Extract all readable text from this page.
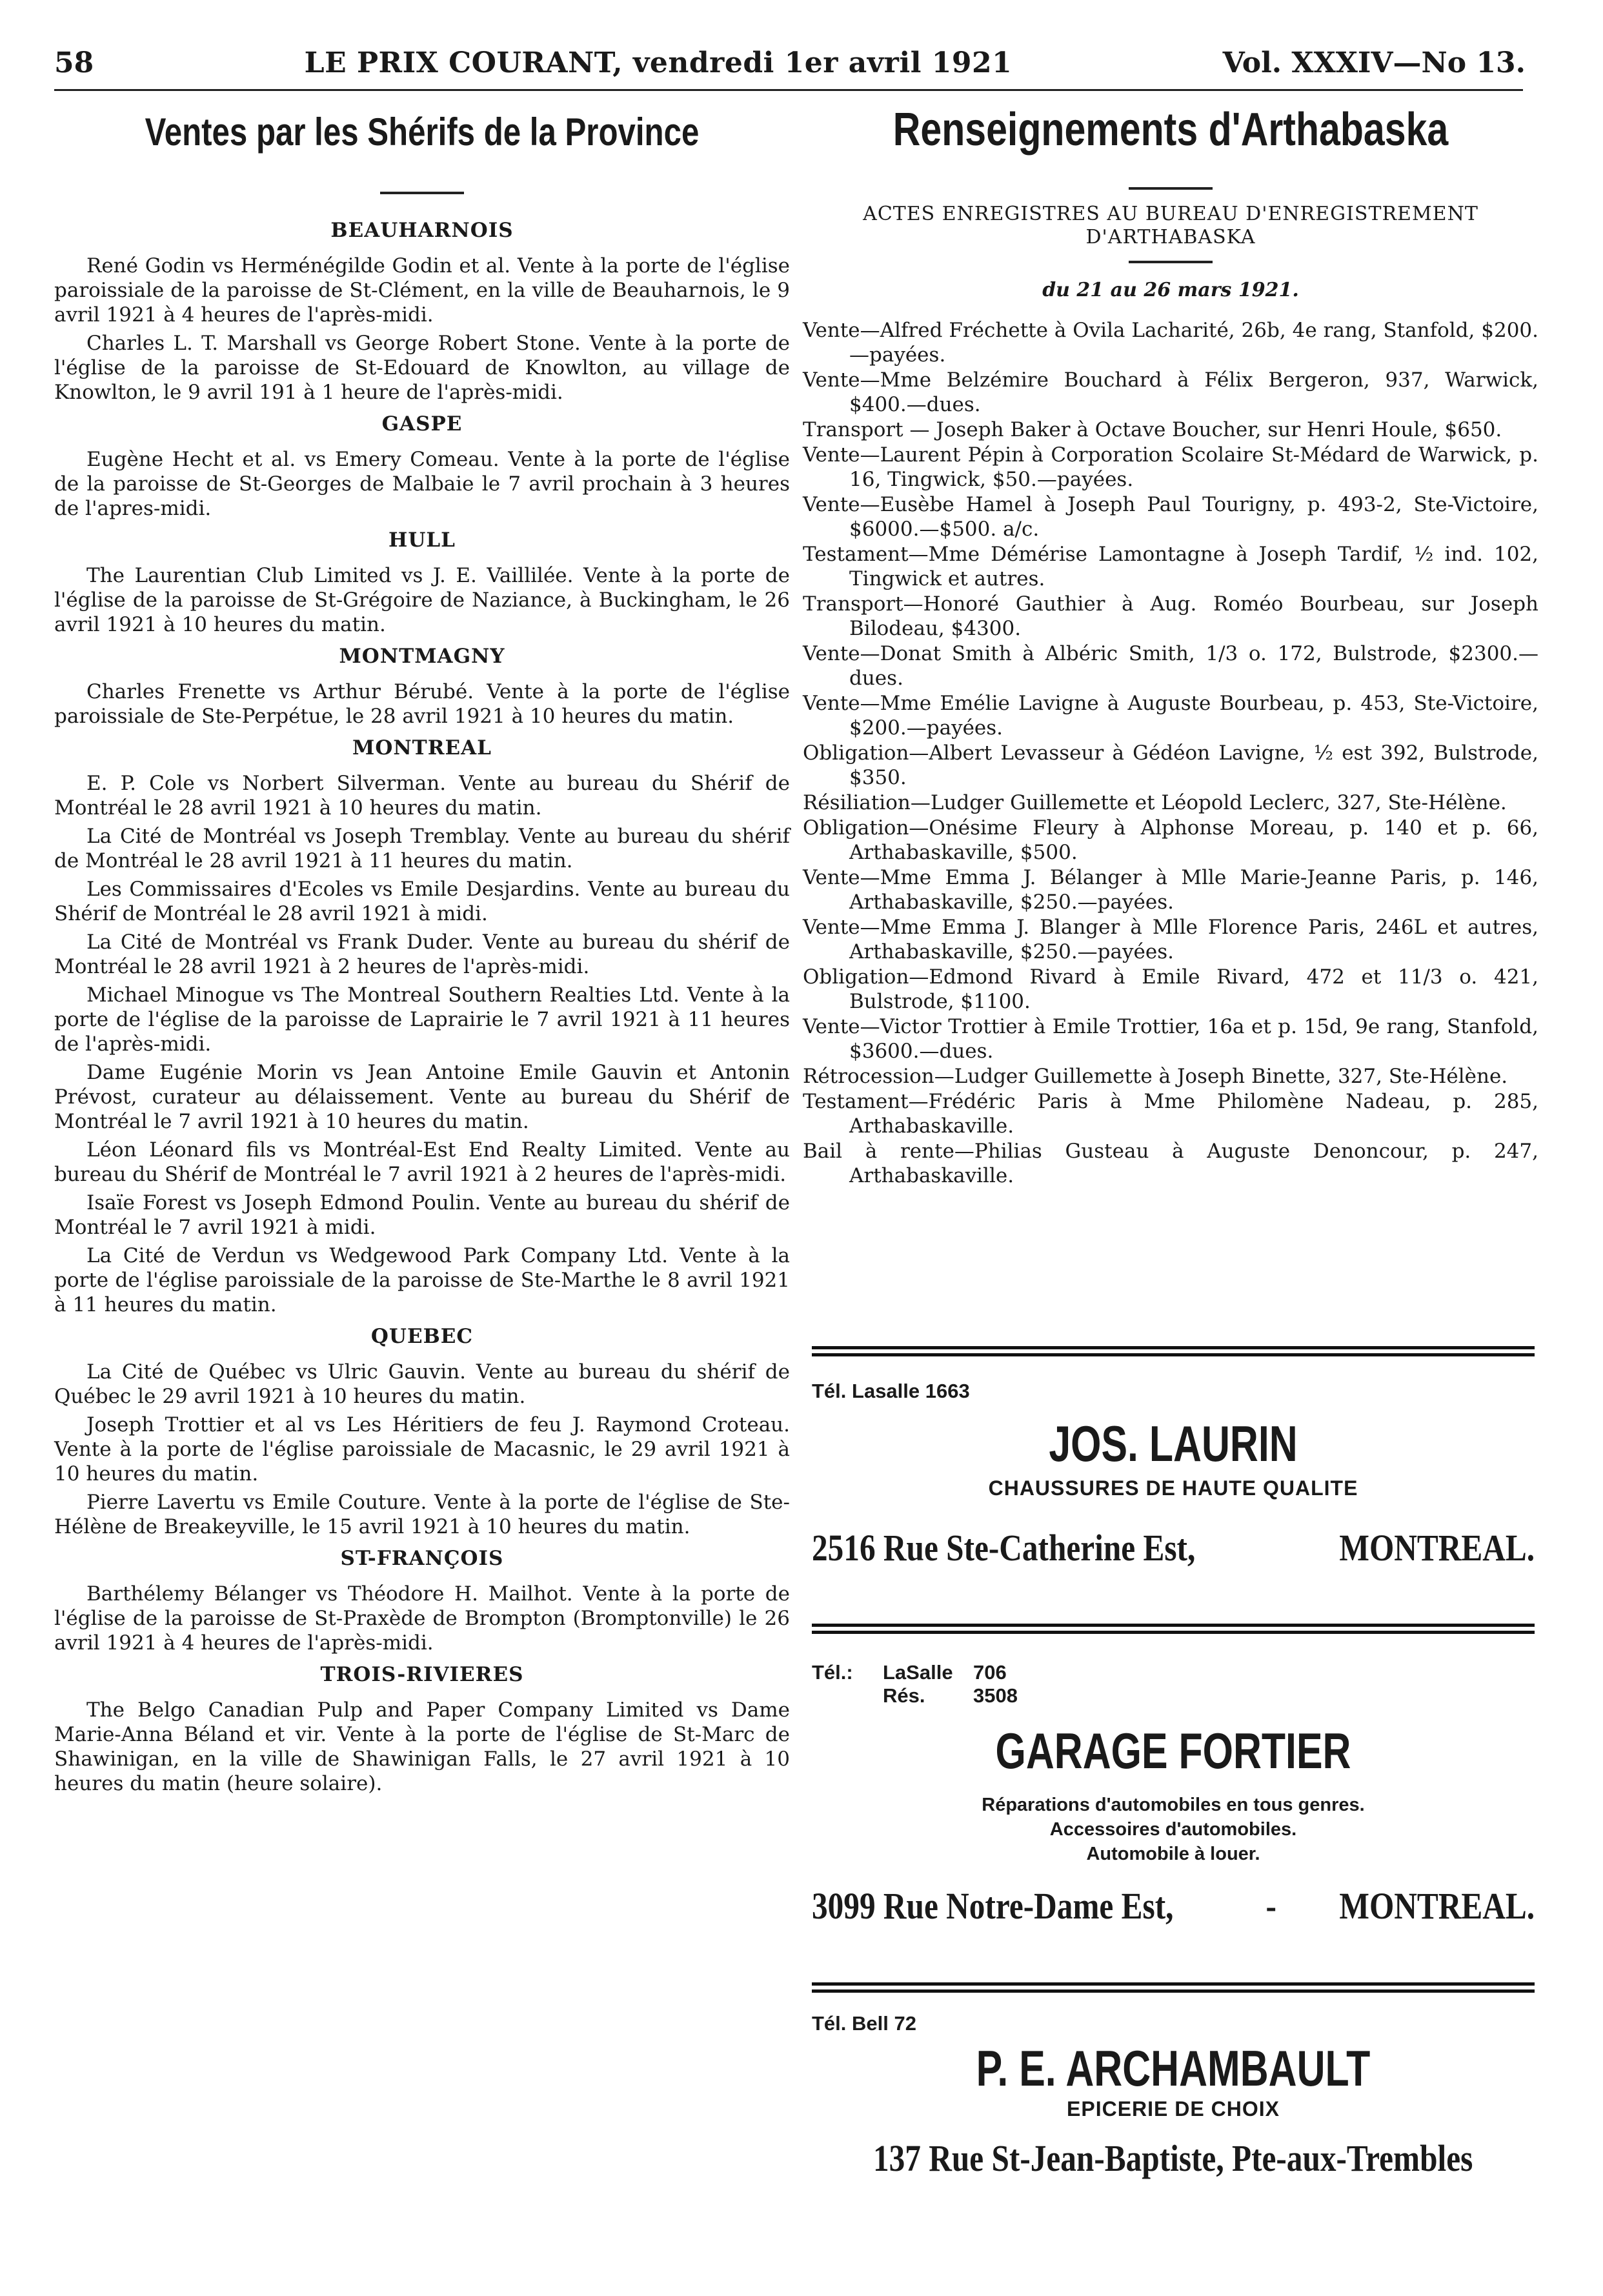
58	LE PRIX COURANT, vendredi 1er avril 1921	Vol. XXXIV—No 13.
Ventes par les Shérifs de la Province
BEAUHARNOIS

René Godin vs Herménégilde Godin et al. Vente à la porte de l'église paroissiale de la paroisse de St-Clément, en la ville de Beauharnois, le 9 avril 1921 à 4 heures de l'après-midi.

Charles L. T. Marshall vs George Robert Stone. Vente à la porte de l'église de la paroisse de St-Edouard de Knowlton, au village de Knowlton, le 9 avril 191 à 1 heure de l'après-midi.

GASPE

Eugène Hecht et al. vs Emery Comeau. Vente à la porte de l'église de la paroisse de St-Georges de Malbaie le 7 avril prochain à 3 heures de l'apres-midi.

HULL

The Laurentian Club Limited vs J. E. Vaillilée. Vente à la porte de l'église de la paroisse de St-Grégoire de Naziance, à Buckingham, le 26 avril 1921 à 10 heures du matin.

MONTMAGNY

Charles Frenette vs Arthur Bérubé. Vente à la porte de l'église paroissiale de Ste-Perpétue, le 28 avril 1921 à 10 heures du matin.

MONTREAL

E. P. Cole vs Norbert Silverman. Vente au bureau du Shérif de Montréal le 28 avril 1921 à 10 heures du matin.

La Cité de Montréal vs Joseph Tremblay. Vente au bureau du shérif de Montréal le 28 avril 1921 à 11 heures du matin.

Les Commissaires d'Ecoles vs Emile Desjardins. Vente au bureau du Shérif de Montréal le 28 avril 1921 à midi.

La Cité de Montréal vs Frank Duder. Vente au bureau du shérif de Montréal le 28 avril 1921 à 2 heures de l'après-midi.

Michael Minogue vs The Montreal Southern Realties Ltd. Vente à la porte de l'église de la paroisse de Laprairie le 7 avril 1921 à 11 heures de l'après-midi.

Dame Eugénie Morin vs Jean Antoine Emile Gauvin et Antonin Prévost, curateur au délaissement. Vente au bureau du Shérif de Montréal le 7 avril 1921 à 10 heures du matin.

Léon Léonard fils vs Montréal-Est End Realty Limited. Vente au bureau du Shérif de Montréal le 7 avril 1921 à 2 heures de l'après-midi.

Isaïe Forest vs Joseph Edmond Poulin. Vente au bureau du shérif de Montréal le 7 avril 1921 à midi.

La Cité de Verdun vs Wedgewood Park Company Ltd. Vente à la porte de l'église paroissiale de la paroisse de Ste-Marthe le 8 avril 1921 à 11 heures du matin.

QUEBEC

La Cité de Québec vs Ulric Gauvin. Vente au bureau du shérif de Québec le 29 avril 1921 à 10 heures du matin.

Joseph Trottier et al vs Les Héritiers de feu J. Raymond Croteau. Vente à la porte de l'église paroissiale de Macasnic, le 29 avril 1921 à 10 heures du matin.

Pierre Lavertu vs Emile Couture. Vente à la porte de l'église de Ste-Hélène de Breakeyville, le 15 avril 1921 à 10 heures du matin.

ST-FRANÇOIS

Barthélemy Bélanger vs Théodore H. Mailhot. Vente à la porte de l'église de la paroisse de St-Praxède de Brompton (Bromptonville) le 26 avril 1921 à 4 heures de l'après-midi.

TROIS-RIVIERES

The Belgo Canadian Pulp and Paper Company Limited vs Dame Marie-Anna Béland et vir. Vente à la porte de l'église de St-Marc de Shawinigan, en la ville de Shawinigan Falls, le 27 avril 1921 à 10 heures du matin (heure solaire).

Renseignements d'Arthabaska
ACTES ENREGISTRES AU BUREAU D'ENREGISTREMENT
D'ARTHABASKA
du 21 au 26 mars 1921.

Vente—Alfred Fréchette à Ovila Lacharité, 26b, 4e rang, Stanfold, $200.—payées.

Vente—Mme Belzémire Bouchard à Félix Bergeron, 937, Warwick, $400.—dues.

Transport — Joseph Baker à Octave Boucher, sur Henri Houle, $650.

Vente—Laurent Pépin à Corporation Scolaire St-Médard de Warwick, p. 16, Tingwick, $50.—payées.

Vente—Eusèbe Hamel à Joseph Paul Tourigny, p. 493-2, Ste-Victoire, $6000.—$500. a/c.

Testament—Mme Démérise Lamontagne à Joseph Tardif, ½ ind. 102, Tingwick et autres.

Transport—Honoré Gauthier à Aug. Roméo Bourbeau, sur Joseph Bilodeau, $4300.

Vente—Donat Smith à Albéric Smith, 1/3 o. 172, Bulstrode, $2300.—dues.

Vente—Mme Emélie Lavigne à Auguste Bourbeau, p. 453, Ste-Victoire, $200.—payées.

Obligation—Albert Levasseur à Gédéon Lavigne, ½ est 392, Bulstrode, $350.

Résiliation—Ludger Guillemette et Léopold Leclerc, 327, Ste-Hélène.

Obligation—Onésime Fleury à Alphonse Moreau, p. 140 et p. 66, Arthabaskaville, $500.

Vente—Mme Emma J. Bélanger à Mlle Marie-Jeanne Paris, p. 146, Arthabaskaville, $250.—payées.

Vente—Mme Emma J. Blanger à Mlle Florence Paris, 246L et autres, Arthabaskaville, $250.—payées.

Obligation—Edmond Rivard à Emile Rivard, 472 et 11/3 o. 421, Bulstrode, $1100.

Vente—Victor Trottier à Emile Trottier, 16a et p. 15d, 9e rang, Stanfold, $3600.—dues.

Rétrocession—Ludger Guillemette à Joseph Binette, 327, Ste-Hélène.

Testament—Frédéric Paris à Mme Philomène Nadeau, p. 285, Arthabaskaville.

Bail à rente—Philias Gusteau à Auguste Denoncour, p. 247, Arthabaskaville.

Tél. Lasalle 1663
JOS. LAURIN
CHAUSSURES DE HAUTE QUALITE
2516 Rue Ste-Catherine Est,	MONTREAL.
Tél.:	LaSalle	706
Rés.	3508
GARAGE FORTIER
Réparations d'automobiles en tous genres.
Accessoires d'automobiles.
Automobile à louer.
3099 Rue Notre-Dame Est, - MONTREAL.
Tél. Bell 72
P. E. ARCHAMBAULT
EPICERIE DE CHOIX
137 Rue St-Jean-Baptiste, Pte-aux-Trembles
